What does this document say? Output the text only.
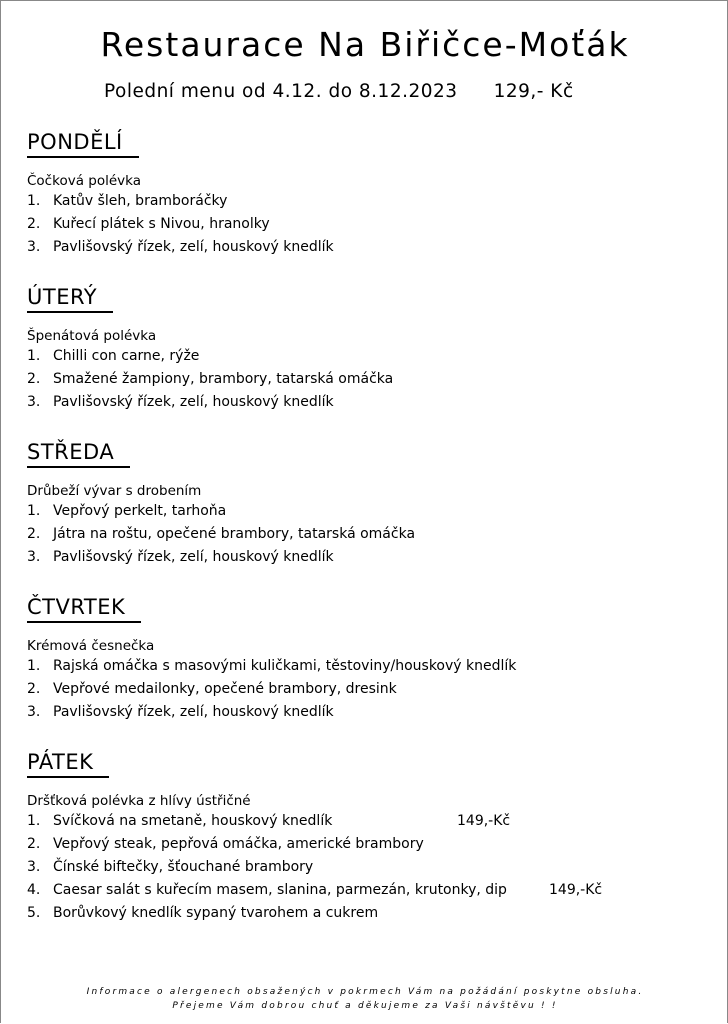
Restaurace Na Biřičce-Moťák
Polední menu od 4.12. do 8.12.2023 129,- Kč
PONDĚLÍ
Čočková polévka
1. Katův šleh, bramboráčky
2. Kuřecí plátek s Nivou, hranolky
3. Pavlišovský řízek, zelí, houskový knedlík
ÚTERÝ
Špenátová polévka
1. Chilli con carne, rýže
2. Smažené žampiony, brambory, tatarská omáčka
3. Pavlišovský řízek, zelí, houskový knedlík
STŘEDA
Drůbeží vývar s drobením
1. Vepřový perkelt, tarhoňa
2. Játra na roštu, opečené brambory, tatarská omáčka
3. Pavlišovský řízek, zelí, houskový knedlík
ČTVRTEK
Krémová česnečka
1. Rajská omáčka s masovými kuličkami, těstoviny/houskový knedlík
2. Vepřové medailonky, opečené brambory, dresink
3. Pavlišovský řízek, zelí, houskový knedlík
PÁTEK
Dršťková polévka z hlívy ústřičné
1. Svíčková na smetaně, houskový knedlík	149,-Kč
2. Vepřový steak, pepřová omáčka, americké brambory
3. Čínské biftečky, šťouchané brambory
4. Caesar salát s kuřecím masem, slanina, parmezán, krutonky, dip	149,-Kč
5. Borůvkový knedlík sypaný tvarohem a cukrem
Informace o alergenech obsažených v pokrmech Vám na požádání poskytne obsluha.
Přejeme Vám dobrou chuť a děkujeme za Vaši návštěvu ! !
